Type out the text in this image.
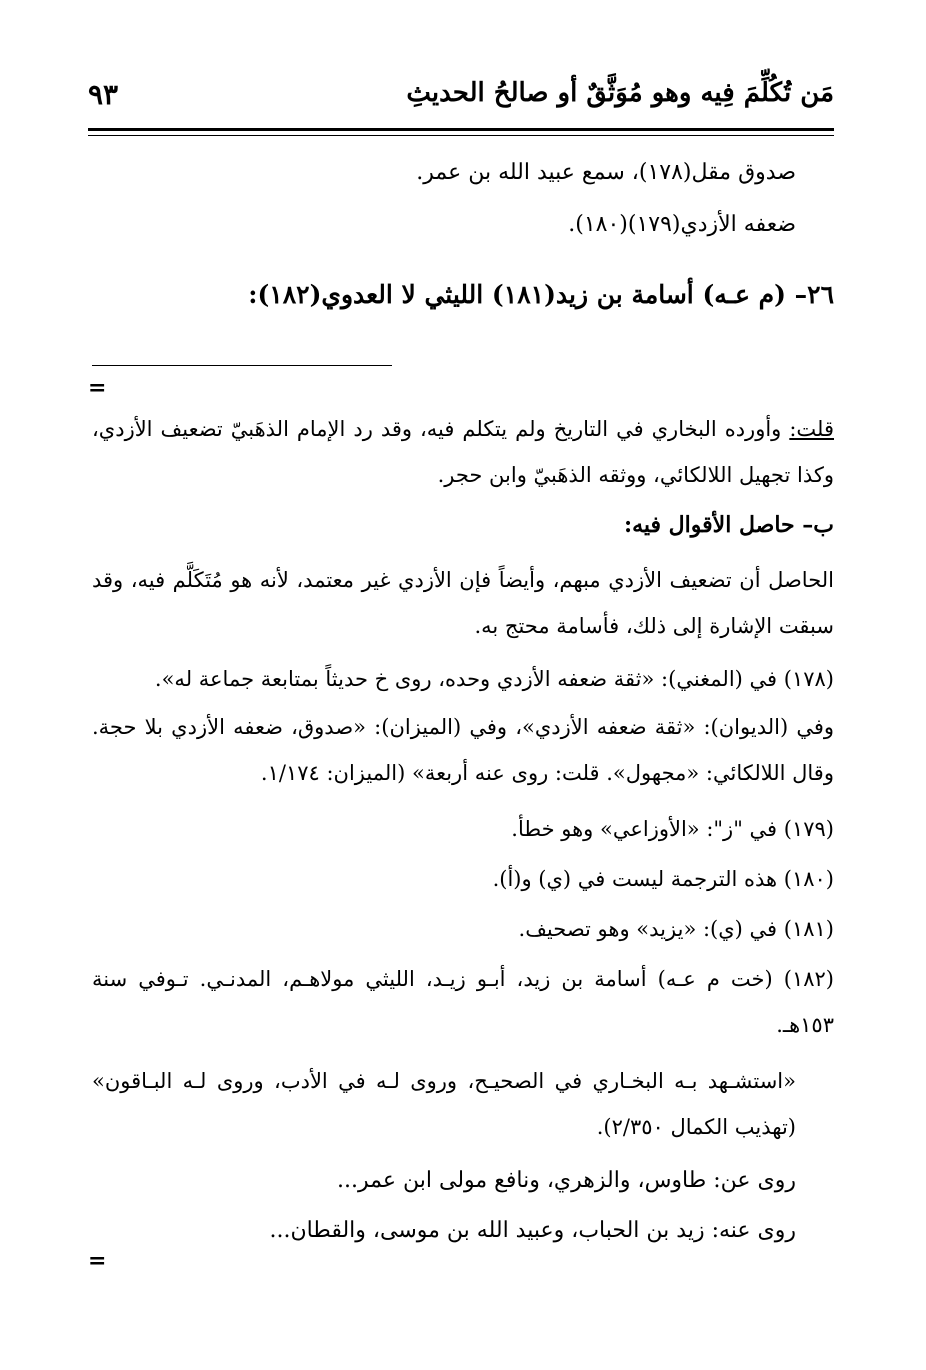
مَن تُكُلِّمَ فِيه وهو مُوَثَّقٌ أو صالحُ الحديثِ
٩٣
صدوق مقل(١٧٨)، سمع عبيد الله بن عمر.
ضعفه الأزدي(١٧٩)(١٨٠).
٢٦– (م عـه) أسامة بن زيد(١٨١) الليثي لا العدوي(١٨٢):
=
قلت: وأورده البخاري في التاريخ ولم يتكلم فيه، وقد رد الإمام الذهَبيّ تضعيف الأزدي، وكذا تجهيل اللالكائي، ووثقه الذهَبيّ وابن حجر.
ب– حاصل الأقوال فيه:
الحاصل أن تضعيف الأزدي مبهم، وأيضاً فإن الأزدي غير معتمد، لأنه هو مُتَكَلَّم فيه، وقد سبقت الإشارة إلى ذلك، فأسامة محتج به.
(١٧٨) في (المغني): «ثقة ضعفه الأزدي وحده، روى خ حديثاً بمتابعة جماعة له».
وفي (الديوان): «ثقة ضعفه الأزدي»، وفي (الميزان): «صدوق، ضعفه الأزدي بلا حجة. وقال اللالكائي: «مجهول». قلت: روى عنه أربعة» (الميزان: ١/١٧٤.
(١٧٩) في "ز": «الأوزاعي» وهو خطأ.
(١٨٠) هذه الترجمة ليست في (ي) و(أ).
(١٨١) في (ي): «يزيد» وهو تصحيف.
(١٨٢) (خت م عـه) أسامة بن زيد، أبـو زيـد، الليثي مولاهـم، المدنـي. تـوفي سنة ١٥٣هـ.
«استشـهد بـه البخـاري في الصحيـح، وروى لـه في الأدب، وروى لـه البـاقون» (تهذيب الكمال ٢/٣٥٠).
روى عن: طاوس، والزهري، ونافع مولى ابن عمر...
روى عنه: زيد بن الحباب، وعبيد الله بن موسى، والقطان...
=
